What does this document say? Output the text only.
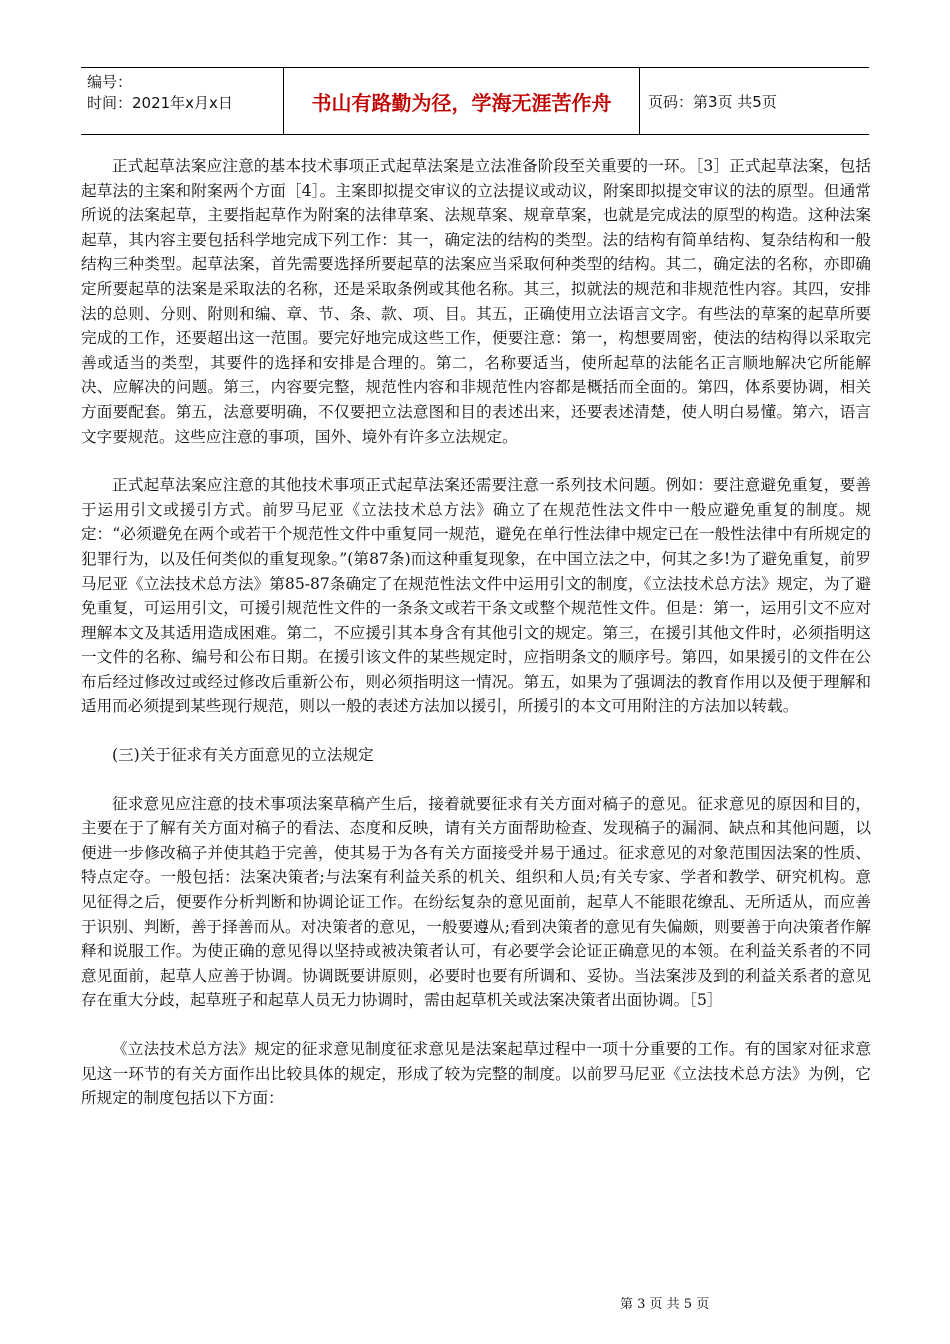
编号：
时间：2021年x月x日	书山有路勤为径，学海无涯苦作舟	页码：第3页 共5页

正式起草法案应注意的基本技术事项正式起草法案是立法准备阶段至关重要的一环。［3］正式起草法案，包括起草法的主案和附案两个方面［4］。主案即拟提交审议的立法提议或动议，附案即拟提交审议的法的原型。但通常所说的法案起草，主要指起草作为附案的法律草案、法规草案、规章草案，也就是完成法的原型的构造。这种法案起草，其内容主要包括科学地完成下列工作：其一，确定法的结构的类型。法的结构有简单结构、复杂结构和一般结构三种类型。起草法案，首先需要选择所要起草的法案应当采取何种类型的结构。其二，确定法的名称，亦即确定所要起草的法案是采取法的名称，还是采取条例或其他名称。其三，拟就法的规范和非规范性内容。其四，安排法的总则、分则、附则和编、章、节、条、款、项、目。其五，正确使用立法语言文字。有些法的草案的起草所要完成的工作，还要超出这一范围。要完好地完成这些工作，便要注意：第一，构想要周密，使法的结构得以采取完善或适当的类型，其要件的选择和安排是合理的。第二，名称要适当，使所起草的法能名正言顺地解决它所能解决、应解决的问题。第三，内容要完整，规范性内容和非规范性内容都是概括而全面的。第四，体系要协调，相关方面要配套。第五，法意要明确，不仅要把立法意图和目的表述出来，还要表述清楚，使人明白易懂。第六，语言文字要规范。这些应注意的事项，国外、境外有许多立法规定。

正式起草法案应注意的其他技术事项正式起草法案还需要注意一系列技术问题。例如：要注意避免重复，要善于运用引文或援引方式。前罗马尼亚《立法技术总方法》确立了在规范性法文件中一般应避免重复的制度。规定：“必须避免在两个或若干个规范性文件中重复同一规范，避免在单行性法律中规定已在一般性法律中有所规定的犯罪行为，以及任何类似的重复现象。”(第87条)而这种重复现象，在中国立法之中，何其之多!为了避免重复，前罗马尼亚《立法技术总方法》第85-87条确定了在规范性法文件中运用引文的制度，《立法技术总方法》规定，为了避免重复，可运用引文，可援引规范性文件的一条条文或若干条文或整个规范性文件。但是：第一，运用引文不应对理解本文及其适用造成困难。第二，不应援引其本身含有其他引文的规定。第三，在援引其他文件时，必须指明这一文件的名称、编号和公布日期。在援引该文件的某些规定时，应指明条文的顺序号。第四，如果援引的文件在公布后经过修改过或经过修改后重新公布，则必须指明这一情况。第五，如果为了强调法的教育作用以及便于理解和适用而必须提到某些现行规范，则以一般的表述方法加以援引，所援引的本文可用附注的方法加以转载。

(三)关于征求有关方面意见的立法规定

征求意见应注意的技术事项法案草稿产生后，接着就要征求有关方面对稿子的意见。征求意见的原因和目的，主要在于了解有关方面对稿子的看法、态度和反映，请有关方面帮助检查、发现稿子的漏洞、缺点和其他问题，以便进一步修改稿子并使其趋于完善，使其易于为各有关方面接受并易于通过。征求意见的对象范围因法案的性质、特点定夺。一般包括：法案决策者;与法案有利益关系的机关、组织和人员;有关专家、学者和教学、研究机构。意见征得之后，便要作分析判断和协调论证工作。在纷纭复杂的意见面前，起草人不能眼花缭乱、无所适从，而应善于识别、判断，善于择善而从。对决策者的意见，一般要遵从;看到决策者的意见有失偏颇，则要善于向决策者作解释和说服工作。为使正确的意见得以坚持或被决策者认可，有必要学会论证正确意见的本领。在利益关系者的不同意见面前，起草人应善于协调。协调既要讲原则，必要时也要有所调和、妥协。当法案涉及到的利益关系者的意见存在重大分歧，起草班子和起草人员无力协调时，需由起草机关或法案决策者出面协调。［5］

《立法技术总方法》规定的征求意见制度征求意见是法案起草过程中一项十分重要的工作。有的国家对征求意见这一环节的有关方面作出比较具体的规定，形成了较为完整的制度。以前罗马尼亚《立法技术总方法》为例，它所规定的制度包括以下方面：

第 3 页 共 5 页
